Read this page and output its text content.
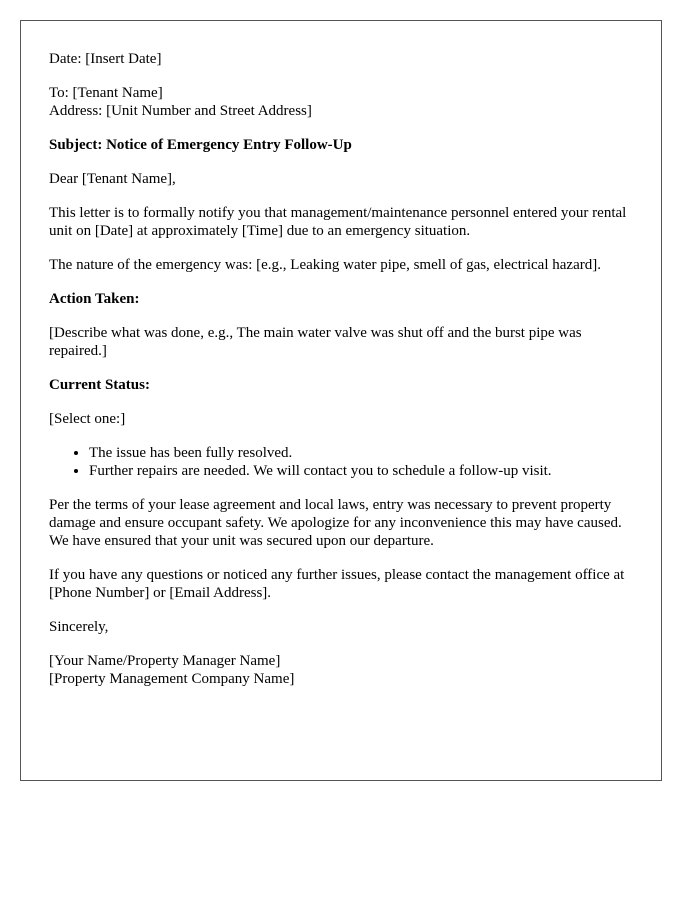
Date: [Insert Date]

To: [Tenant Name]
Address: [Unit Number and Street Address]

Subject: Notice of Emergency Entry Follow-Up

Dear [Tenant Name],

This letter is to formally notify you that management/maintenance personnel entered your rental unit on [Date] at approximately [Time] due to an emergency situation.

The nature of the emergency was: [e.g., Leaking water pipe, smell of gas, electrical hazard].

Action Taken:

[Describe what was done, e.g., The main water valve was shut off and the burst pipe was repaired.]

Current Status:

[Select one:]

• The issue has been fully resolved.
• Further repairs are needed. We will contact you to schedule a follow-up visit.

Per the terms of your lease agreement and local laws, entry was necessary to prevent property damage and ensure occupant safety. We apologize for any inconvenience this may have caused. We have ensured that your unit was secured upon our departure.

If you have any questions or noticed any further issues, please contact the management office at [Phone Number] or [Email Address].

Sincerely,

[Your Name/Property Manager Name]
[Property Management Company Name]
